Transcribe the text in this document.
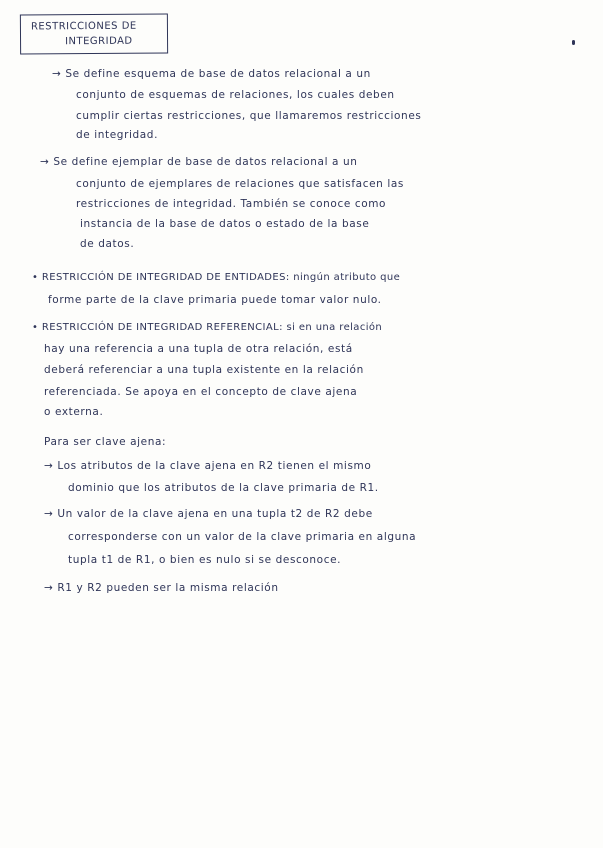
RESTRICCIONES DE
INTEGRIDAD
→ Se define esquema de base de datos relacional a un
conjunto de esquemas de relaciones, los cuales deben
cumplir ciertas restricciones, que llamaremos restricciones
de integridad.
→ Se define ejemplar de base de datos relacional a un
conjunto de ejemplares de relaciones que satisfacen las
restricciones de integridad. También se conoce como
instancia de la base de datos o estado de la base
de datos.
• RESTRICCIÓN DE INTEGRIDAD DE ENTIDADES: ningún atributo que
forme parte de la clave primaria puede tomar valor nulo.
• RESTRICCIÓN DE INTEGRIDAD REFERENCIAL: si en una relación
hay una referencia a una tupla de otra relación, está
deberá referenciar a una tupla existente en la relación
referenciada. Se apoya en el concepto de clave ajena
o externa.
Para ser clave ajena:
→ Los atributos de la clave ajena en R2 tienen el mismo
dominio que los atributos de la clave primaria de R1.
→ Un valor de la clave ajena en una tupla t2 de R2 debe
corresponderse con un valor de la clave primaria en alguna
tupla t1 de R1, o bien es nulo si se desconoce.
→ R1 y R2 pueden ser la misma relación
